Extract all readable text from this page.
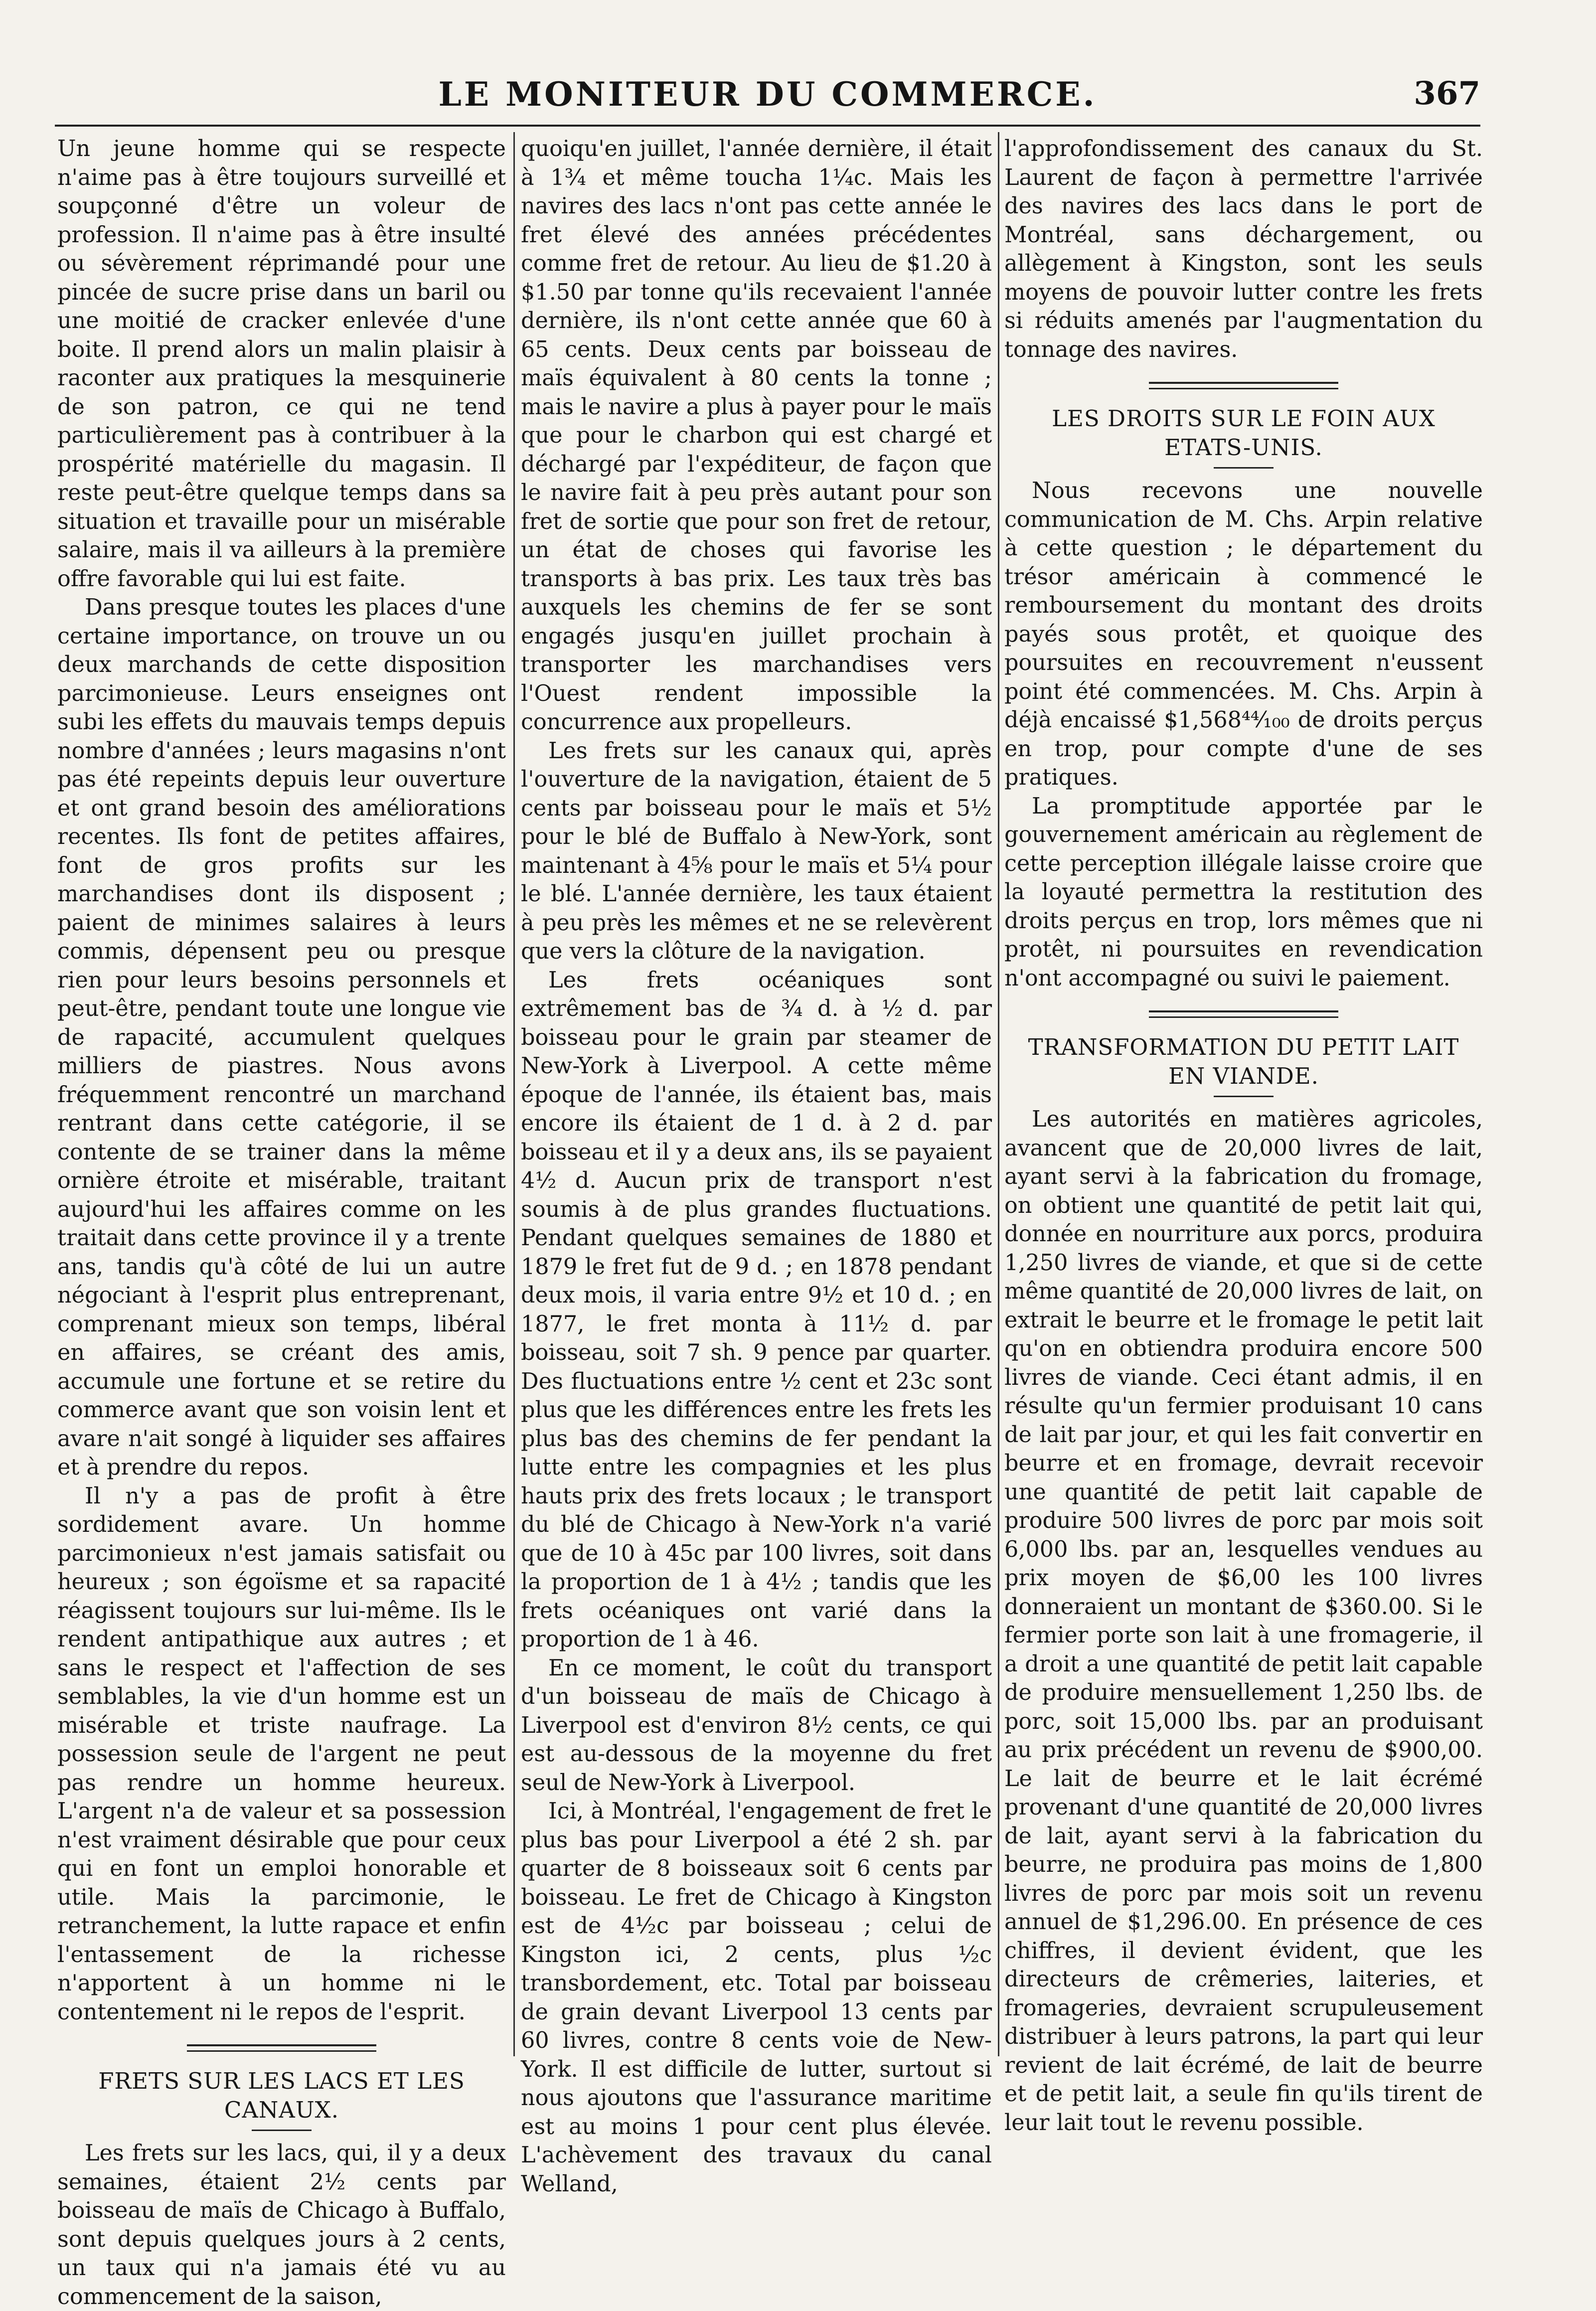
LE MONITEUR DU COMMERCE.	367

Un jeune homme qui se respecte n'aime pas à être toujours surveillé et soupçonné d'être un voleur de profession. Il n'aime pas à être insulté ou sévèrement réprimandé pour une pincée de sucre prise dans un baril ou une moitié de cracker enlevée d'une boite. Il prend alors un malin plaisir à raconter aux pratiques la mesquinerie de son patron, ce qui ne tend particulièrement pas à contribuer à la prospérité matérielle du magasin. Il reste peut-être quelque temps dans sa situation et travaille pour un misérable salaire, mais il va ailleurs à la première offre favorable qui lui est faite.

Dans presque toutes les places d'une certaine importance, on trouve un ou deux marchands de cette disposition parcimonieuse. Leurs enseignes ont subi les effets du mauvais temps depuis nombre d'années ; leurs magasins n'ont pas été repeints depuis leur ouverture et ont grand besoin des améliorations recentes. Ils font de petites affaires, font de gros profits sur les marchandises dont ils disposent ; paient de minimes salaires à leurs commis, dépensent peu ou presque rien pour leurs besoins personnels et peut-être, pendant toute une longue vie de rapacité, accumulent quelques milliers de piastres. Nous avons fréquemment rencontré un marchand rentrant dans cette catégorie, il se contente de se trainer dans la même ornière étroite et misérable, traitant aujourd'hui les affaires comme on les traitait dans cette province il y a trente ans, tandis qu'à côté de lui un autre négociant à l'esprit plus entreprenant, comprenant mieux son temps, libéral en affaires, se créant des amis, accumule une fortune et se retire du commerce avant que son voisin lent et avare n'ait songé à liquider ses affaires et à prendre du repos.

Il n'y a pas de profit à être sordidement avare. Un homme parcimonieux n'est jamais satisfait ou heureux ; son égoïsme et sa rapacité réagissent toujours sur lui-même. Ils le rendent antipathique aux autres ; et sans le respect et l'affection de ses semblables, la vie d'un homme est un misérable et triste naufrage. La possession seule de l'argent ne peut pas rendre un homme heureux. L'argent n'a de valeur et sa possession n'est vraiment désirable que pour ceux qui en font un emploi honorable et utile. Mais la parcimonie, le retranchement, la lutte rapace et enfin l'entassement de la richesse n'apportent à un homme ni le contentement ni le repos de l'esprit.

FRETS SUR LES LACS ET LES CANAUX.

Les frets sur les lacs, qui, il y a deux semaines, étaient 2½ cents par boisseau de maïs de Chicago à Buffalo, sont depuis quelques jours à 2 cents, un taux qui n'a jamais été vu au commencement de la saison,

quoiqu'en juillet, l'année dernière, il était à 1¾ et même toucha 1¼c. Mais les navires des lacs n'ont pas cette année le fret élevé des années précédentes comme fret de retour. Au lieu de $1.20 à $1.50 par tonne qu'ils recevaient l'année dernière, ils n'ont cette année que 60 à 65 cents. Deux cents par boisseau de maïs équivalent à 80 cents la tonne ; mais le navire a plus à payer pour le maïs que pour le charbon qui est chargé et déchargé par l'expéditeur, de façon que le navire fait à peu près autant pour son fret de sortie que pour son fret de retour, un état de choses qui favorise les transports à bas prix. Les taux très bas auxquels les chemins de fer se sont engagés jusqu'en juillet prochain à transporter les marchandises vers l'Ouest rendent impossible la concurrence aux propelleurs.

Les frets sur les canaux qui, après l'ouverture de la navigation, étaient de 5 cents par boisseau pour le maïs et 5½ pour le blé de Buffalo à New-York, sont maintenant à 4⅝ pour le maïs et 5¼ pour le blé. L'année dernière, les taux étaient à peu près les mêmes et ne se relevèrent que vers la clôture de la navigation.

Les frets océaniques sont extrêmement bas de ¾ d. à ½ d. par boisseau pour le grain par steamer de New-York à Liverpool. A cette même époque de l'année, ils étaient bas, mais encore ils étaient de 1 d. à 2 d. par boisseau et il y a deux ans, ils se payaient 4½ d. Aucun prix de transport n'est soumis à de plus grandes fluctuations. Pendant quelques semaines de 1880 et 1879 le fret fut de 9 d. ; en 1878 pendant deux mois, il varia entre 9½ et 10 d. ; en 1877, le fret monta à 11½ d. par boisseau, soit 7 sh. 9 pence par quarter. Des fluctuations entre ½ cent et 23c sont plus que les différences entre les frets les plus bas des chemins de fer pendant la lutte entre les compagnies et les plus hauts prix des frets locaux ; le transport du blé de Chicago à New-York n'a varié que de 10 à 45c par 100 livres, soit dans la proportion de 1 à 4½ ; tandis que les frets océaniques ont varié dans la proportion de 1 à 46.

En ce moment, le coût du transport d'un boisseau de maïs de Chicago à Liverpool est d'environ 8½ cents, ce qui est au-dessous de la moyenne du fret seul de New-York à Liverpool.

Ici, à Montréal, l'engagement de fret le plus bas pour Liverpool a été 2 sh. par quarter de 8 boisseaux soit 6 cents par boisseau. Le fret de Chicago à Kingston est de 4½c par boisseau ; celui de Kingston ici, 2 cents, plus ½c transbordement, etc. Total par boisseau de grain devant Liverpool 13 cents par 60 livres, contre 8 cents voie de New-York. Il est difficile de lutter, surtout si nous ajoutons que l'assurance maritime est au moins 1 pour cent plus élevée. L'achèvement des travaux du canal Welland,

l'approfondissement des canaux du St. Laurent de façon à permettre l'arrivée des navires des lacs dans le port de Montréal, sans déchargement, ou allègement à Kingston, sont les seuls moyens de pouvoir lutter contre les frets si réduits amenés par l'augmentation du tonnage des navires.

LES DROITS SUR LE FOIN AUX ETATS-UNIS.

Nous recevons une nouvelle communication de M. Chs. Arpin relative à cette question ; le département du trésor américain à commencé le remboursement du montant des droits payés sous protêt, et quoique des poursuites en recouvrement n'eussent point été commencées. M. Chs. Arpin à déjà encaissé $1,568⁴⁴⁄₁₀₀ de droits perçus en trop, pour compte d'une de ses pratiques.

La promptitude apportée par le gouvernement américain au règlement de cette perception illégale laisse croire que la loyauté permettra la restitution des droits perçus en trop, lors mêmes que ni protêt, ni poursuites en revendication n'ont accompagné ou suivi le paiement.

TRANSFORMATION DU PETIT LAIT EN VIANDE.

Les autorités en matières agricoles, avancent que de 20,000 livres de lait, ayant servi à la fabrication du fromage, on obtient une quantité de petit lait qui, donnée en nourriture aux porcs, produira 1,250 livres de viande, et que si de cette même quantité de 20,000 livres de lait, on extrait le beurre et le fromage le petit lait qu'on en obtiendra produira encore 500 livres de viande. Ceci étant admis, il en résulte qu'un fermier produisant 10 cans de lait par jour, et qui les fait convertir en beurre et en fromage, devrait recevoir une quantité de petit lait capable de produire 500 livres de porc par mois soit 6,000 lbs. par an, lesquelles vendues au prix moyen de $6,00 les 100 livres donneraient un montant de $360.00. Si le fermier porte son lait à une fromagerie, il a droit a une quantité de petit lait capable de produire mensuellement 1,250 lbs. de porc, soit 15,000 lbs. par an produisant au prix précédent un revenu de $900,00. Le lait de beurre et le lait écrémé provenant d'une quantité de 20,000 livres de lait, ayant servi à la fabrication du beurre, ne produira pas moins de 1,800 livres de porc par mois soit un revenu annuel de $1,296.00. En présence de ces chiffres, il devient évident, que les directeurs de crêmeries, laiteries, et fromageries, devraient scrupuleusement distribuer à leurs patrons, la part qui leur revient de lait écrémé, de lait de beurre et de petit lait, a seule fin qu'ils tirent de leur lait tout le revenu possible.
